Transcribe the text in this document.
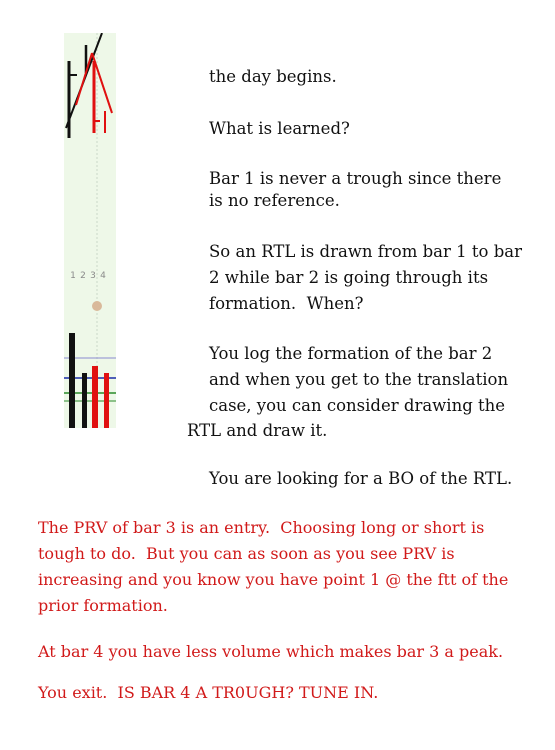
1 2 3 4
the day begins.
What is learned?
Bar 1 is never a trough since there
is no reference.
So an RTL is drawn from bar 1 to bar
2 while bar 2 is going through its
formation.  When?
You log the formation of the bar 2
and when you get to the translation
case, you can consider drawing the
RTL and draw it.
You are looking for a BO of the RTL.
The PRV of bar 3 is an entry.  Choosing long or short is
tough to do.  But you can as soon as you see PRV is
increasing and you know you have point 1 @ the ftt of the
prior formation.
At bar 4 you have less volume which makes bar 3 a peak.
You exit.  IS BAR 4 A TR0UGH? TUNE IN.
